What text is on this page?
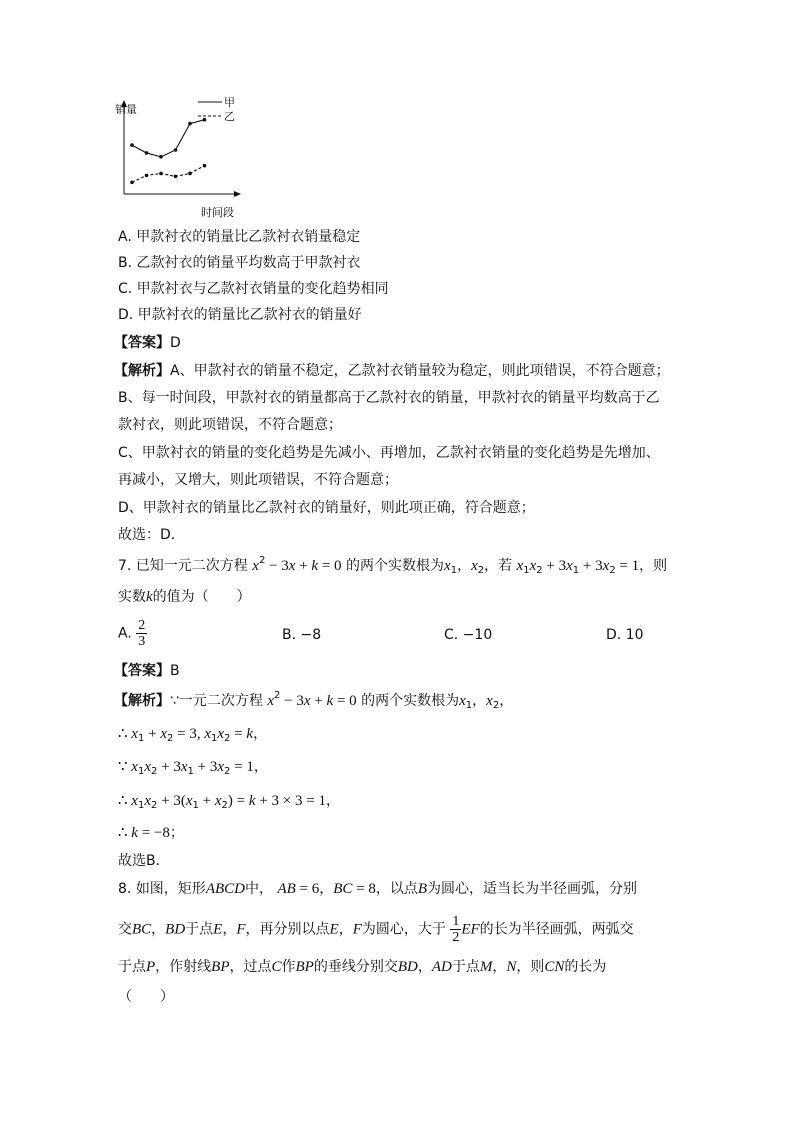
销量
时间段
甲
乙
A. 甲款衬衣的销量比乙款衬衣销量稳定
B. 乙款衬衣的销量平均数高于甲款衬衣
C. 甲款衬衣与乙款衬衣销量的变化趋势相同
D. 甲款衬衣的销量比乙款衬衣的销量好
【答案】D
【解析】A、甲款衬衣的销量不稳定，乙款衬衣销量较为稳定，则此项错误，不符合题意；
B、每一时间段，甲款衬衣的销量都高于乙款衬衣的销量，甲款衬衣的销量平均数高于乙
款衬衣，则此项错误，不符合题意；
C、甲款衬衣的销量的变化趋势是先减小、再增加，乙款衬衣销量的变化趋势是先增加、
再减小，又增大，则此项错误，不符合题意；
D、甲款衬衣的销量比乙款衬衣的销量好，则此项正确，符合题意；
故选：D．
7. 已知一元二次方程 $x^2 - 3x + k = 0$ 的两个实数根为$x_1$，$x_2$，若 $x_1x_2 + 3x_1 + 3x_2 = 1$，则
实数k的值为（　　）
A. $\frac{2}{3}$	B. −8	C. −10	D. 10
【答案】B
【解析】∵一元二次方程 $x^2 - 3x + k = 0$ 的两个实数根为$x_1$，$x_2$，
∴ $x_1 + x_2 = 3$, $x_1x_2 = k$，
∵ $x_1x_2 + 3x_1 + 3x_2 = 1$，
∴ $x_1x_2 + 3(x_1 + x_2) = k + 3 \times 3 = 1$，
∴ k = −8；
故选B．
8. 如图，矩形ABCD中， AB = 6，BC = 8，以点B为圆心，适当长为半径画弧，分别
交BC，BD于点E，F，再分别以点E，F为圆心，大于 $\frac{1}{2}$ EF的长为半径画弧，两弧交
于点P，作射线BP，过点C作BP的垂线分别交BD，AD于点M，N，则CN的长为
（　　）
